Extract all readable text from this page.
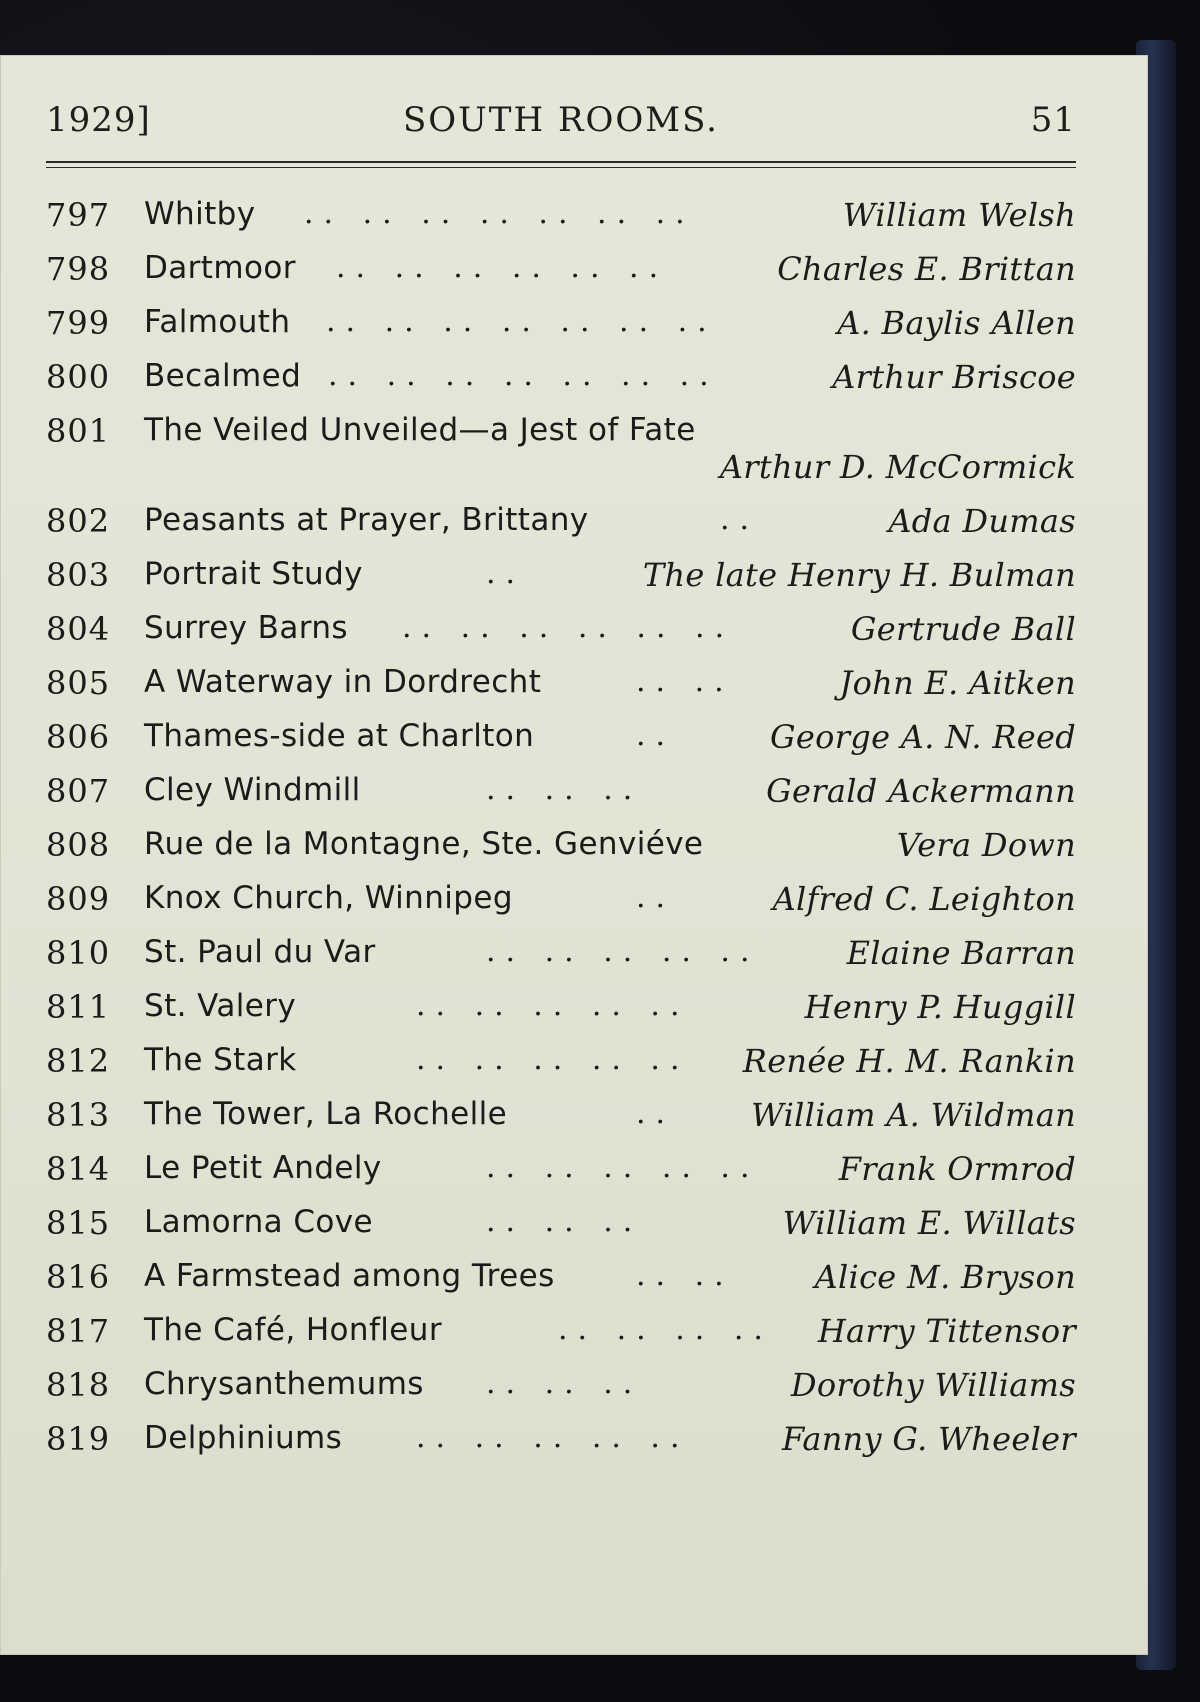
1929]	SOUTH ROOMS.	51
797	Whitby .. .. .. .. .. .. ..	William Welsh
798	Dartmoor .. .. .. .. .. ..	Charles E. Brittan
799	Falmouth .. .. .. .. .. .. ..	A. Baylis Allen
800	Becalmed .. .. .. .. .. .. ..	Arthur Briscoe
801	The Veiled Unveiled—a Jest of Fate
Arthur D. McCormick
802	Peasants at Prayer, Brittany	..	Ada Dumas
803	Portrait Study	..	The late Henry H. Bulman
804	Surrey Barns .. .. .. .. .. ..	Gertrude Ball
805	A Waterway in Dordrecht	.. ..	John E. Aitken
806	Thames-side at Charlton	..	George A. N. Reed
807	Cley Windmill	.. .. ..	Gerald Ackermann
808	Rue de la Montagne, Ste. Genviéve	Vera Down
809	Knox Church, Winnipeg	..	Alfred C. Leighton
810	St. Paul du Var	.. .. .. .. ..	Elaine Barran
811	St. Valery	.. .. .. .. ..	Henry P. Huggill
812	The Stark	.. .. .. .. .. Renée H. M. Rankin
813	The Tower, La Rochelle	.. William A. Wildman
814	Le Petit Andely	.. .. .. .. .. Frank Ormrod
815	Lamorna Cove	.. .. ..	William E. Willats
816	A Farmstead among Trees	.. ..	Alice M. Bryson
817	The Café, Honfleur	.. .. .. .. Harry Tittensor
818	Chrysanthemums .. .. ..	Dorothy Williams
819	Delphiniums .. .. .. .. ..	Fanny G. Wheeler
